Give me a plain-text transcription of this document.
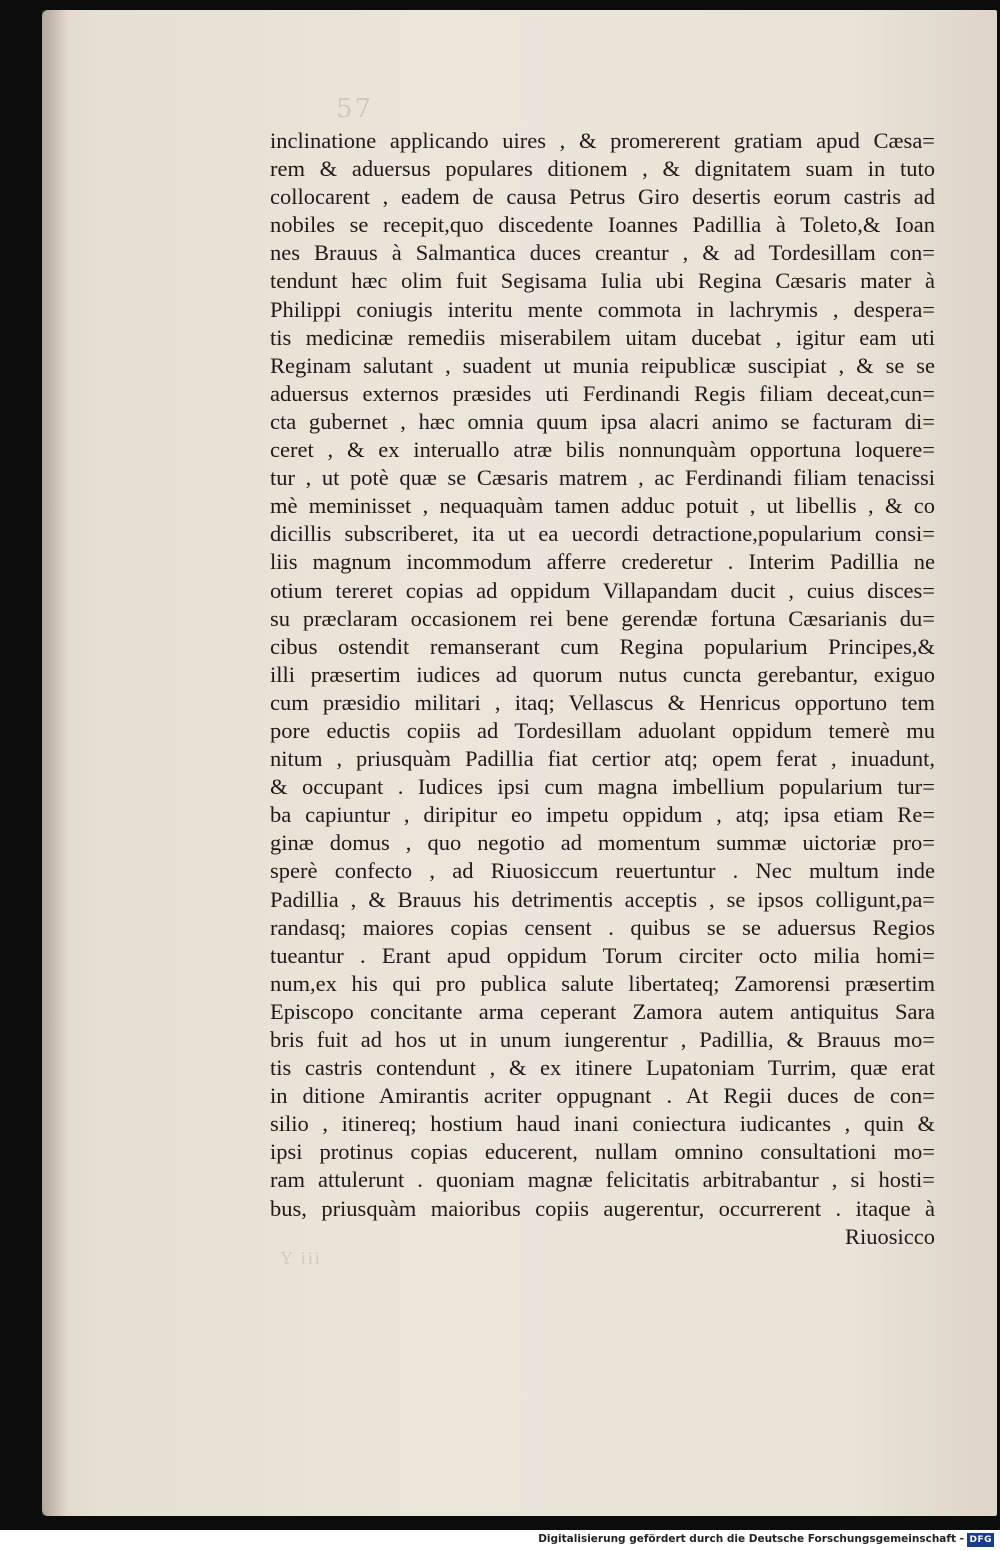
57
inclinatione applicando uires , & promererent gratiam apud Cæsa=
rem & aduersus populares ditionem , & dignitatem suam in tuto
collocarent , eadem de causa Petrus Giro desertis eorum castris ad
nobiles se recepit,quo discedente Ioannes Padillia à Toleto,& Ioan
nes Brauus à Salmantica duces creantur , & ad Tordesillam con=
tendunt hæc olim fuit Segisama Iulia ubi Regina Cæsaris mater à
Philippi coniugis interitu mente commota in lachrymis , despera=
tis medicinæ remediis miserabilem uitam ducebat , igitur eam uti
Reginam salutant , suadent ut munia reipublicæ suscipiat , & se se
aduersus externos præsides uti Ferdinandi Regis filiam deceat,cun=
cta gubernet , hæc omnia quum ipsa alacri animo se facturam di=
ceret , & ex interuallo atræ bilis nonnunquàm opportuna loquere=
tur , ut potè quæ se Cæsaris matrem , ac Ferdinandi filiam tenacissi
mè meminisset , nequaquàm tamen adduc potuit , ut libellis , & co
dicillis subscriberet, ita ut ea uecordi detractione,popularium consi=
liis magnum incommodum afferre crederetur . Interim Padillia ne
otium tereret copias ad oppidum Villapandam ducit , cuius disces=
su præclaram occasionem rei bene gerendæ fortuna Cæsarianis du=
cibus ostendit remanserant cum Regina popularium Principes,&
illi præsertim iudices ad quorum nutus cuncta gerebantur, exiguo
cum præsidio militari , itaq; Vellascus & Henricus opportuno tem
pore eductis copiis ad Tordesillam aduolant oppidum temerè mu
nitum , priusquàm Padillia fiat certior atq; opem ferat , inuadunt,
& occupant . Iudices ipsi cum magna imbellium popularium tur=
ba capiuntur , diripitur eo impetu oppidum , atq; ipsa etiam Re=
ginæ domus , quo negotio ad momentum summæ uictoriæ pro=
sperè confecto , ad Riuosiccum reuertuntur . Nec multum inde
Padillia , & Brauus his detrimentis acceptis , se ipsos colligunt,pa=
randasq; maiores copias censent . quibus se se aduersus Regios
tueantur . Erant apud oppidum Torum circiter octo milia homi=
num,ex his qui pro publica salute libertateq; Zamorensi præsertim
Episcopo concitante arma ceperant Zamora autem antiquitus Sara
bris fuit ad hos ut in unum iungerentur , Padillia, & Brauus mo=
tis castris contendunt , & ex itinere Lupatoniam Turrim, quæ erat
in ditione Amirantis acriter oppugnant . At Regii duces de con=
silio , itinereq; hostium haud inani coniectura iudicantes , quin &
ipsi protinus copias educerent, nullam omnino consultationi mo=
ram attulerunt . quoniam magnæ felicitatis arbitrabantur , si hosti=
bus, priusquàm maioribus copiis augerentur, occurrerent . itaque à
Riuosicco
Y iii
Digitalisierung gefördert durch die Deutsche Forschungsgemeinschaft - DFG
